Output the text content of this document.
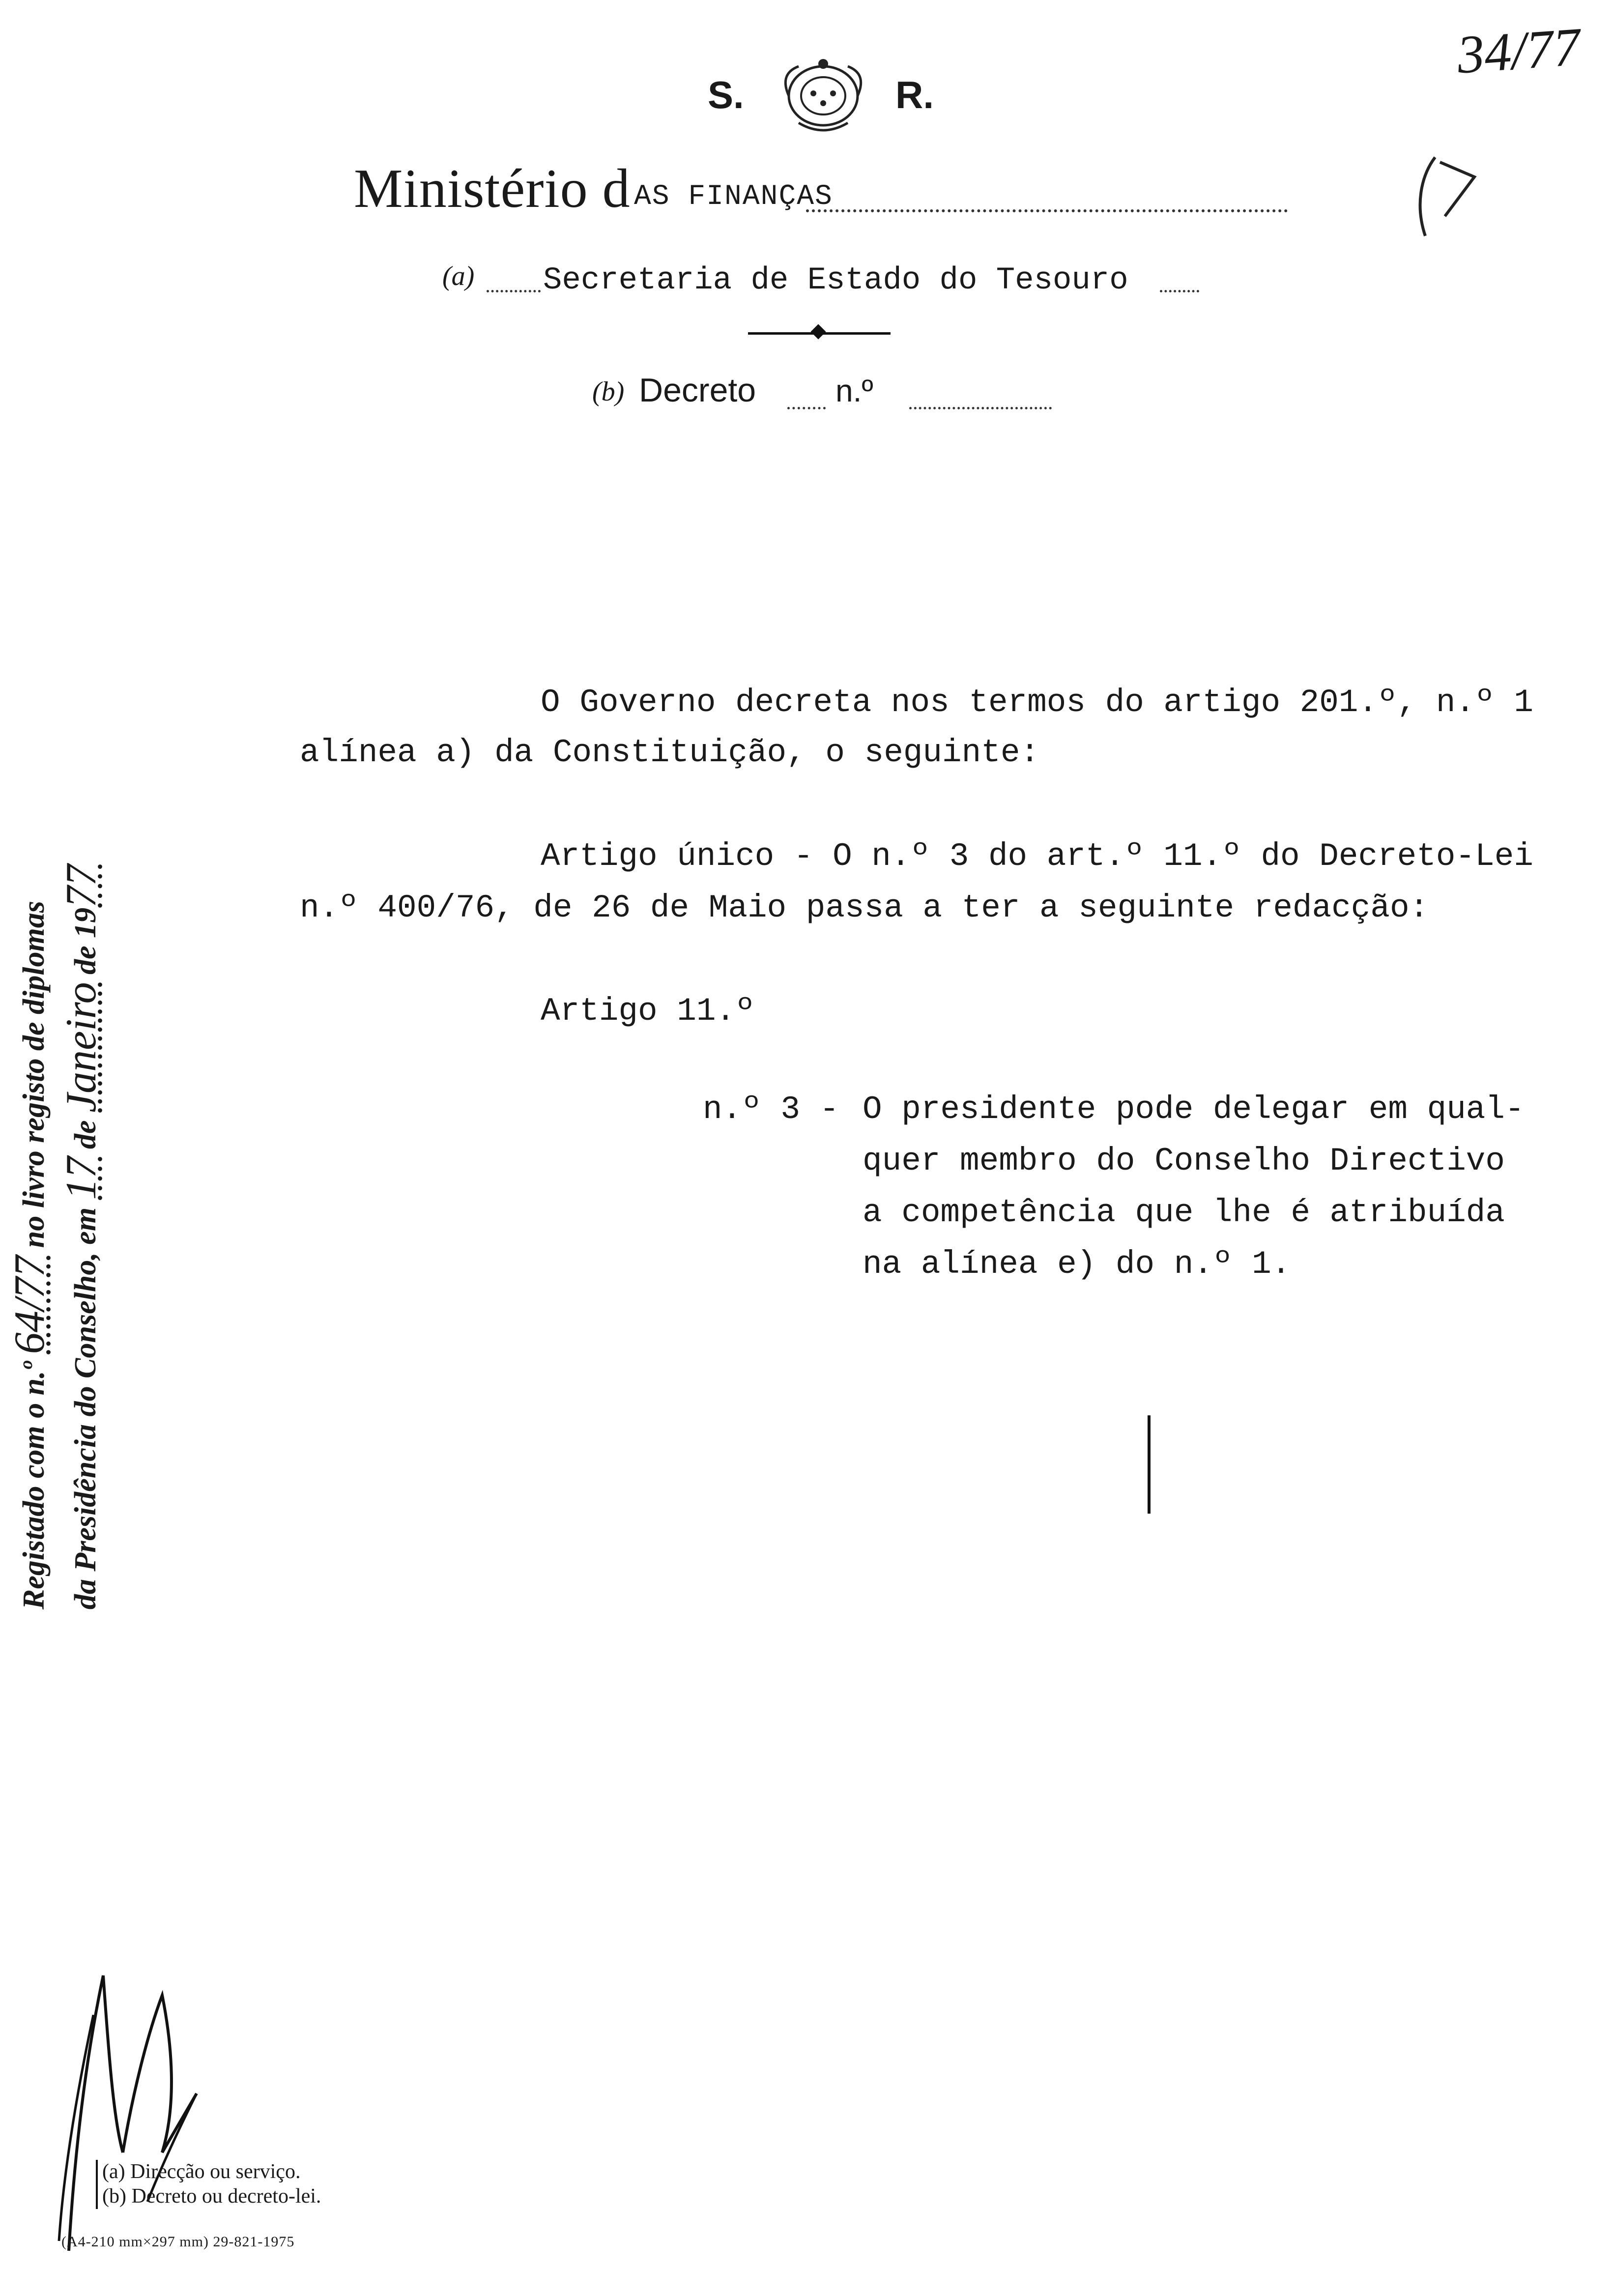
34/77
S.	R.
Ministério d AS FINANÇAS
(a) Secretaria de Estado do Tesouro
(b) Decreto	n.º
Registado com o n.º 64/77 no livro registo de diplomas
da Presidência do Conselho, em 17 de Janeiro de 1977
O Governo decreta nos termos do artigo 201.º, n.º 1
alínea a) da Constituição, o seguinte:
Artigo único - O n.º 3 do art.º 11.º do Decreto-Lei
n.º 400/76, de 26 de Maio passa a ter a seguinte redacção:
Artigo 11.º
n.º 3 - O presidente pode delegar em qual-
quer membro do Conselho Directivo
a competência que lhe é atribuída
na alínea e) do n.º 1.
(a) Direcção ou serviço.
(b) Decreto ou decreto-lei.
(A4-210 mm×297 mm) 29-821-1975
